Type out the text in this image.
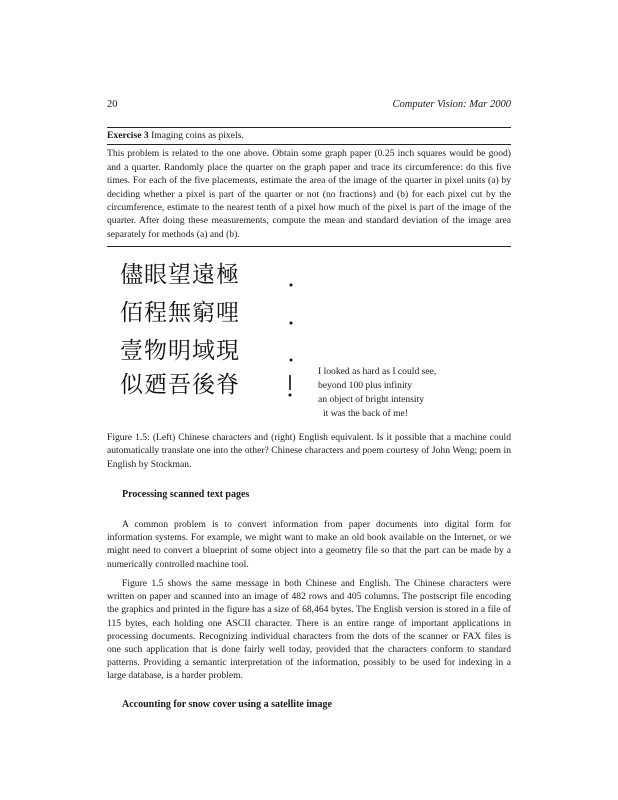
20	Computer Vision: Mar 2000
Exercise 3 Imaging coins as pixels.
This problem is related to the one above. Obtain some graph paper (0.25 inch squares would be good) and a quarter. Randomly place the quarter on the graph paper and trace its circumference: do this five times. For each of the five placements, estimate the area of the image of the quarter in pixel units (a) by deciding whether a pixel is part of the quarter or not (no fractions) and (b) for each pixel cut by the circumference, estimate to the nearest tenth of a pixel how much of the pixel is part of the image of the quarter. After doing these measurements, compute the mean and standard deviation of the image area separately for methods (a) and (b).
儘眼望遠極
佰程無窮哩
壹物明域現
似廼吾後脊
I looked as hard as I could see,
beyond 100 plus infinity
an object of bright intensity
it was the back of me!
Figure 1.5: (Left) Chinese characters and (right) English equivalent. Is it possible that a machine could automatically translate one into the other? Chinese characters and poem courtesy of John Weng; poem in English by Stockman.
Processing scanned text pages

A common problem is to convert information from paper documents into digital form for information systems. For example, we might want to make an old book available on the Internet, or we might need to convert a blueprint of some object into a geometry file so that the part can be made by a numerically controlled machine tool.

Figure 1.5 shows the same message in both Chinese and English. The Chinese characters were written on paper and scanned into an image of 482 rows and 405 columns. The postscript file encoding the graphics and printed in the figure has a size of 68,464 bytes. The English version is stored in a file of 115 bytes, each holding one ASCII character. There is an entire range of important applications in processing documents. Recognizing individual characters from the dots of the scanner or FAX files is one such application that is done fairly well today, provided that the characters conform to standard patterns. Providing a semantic interpretation of the information, possibly to be used for indexing in a large database, is a harder problem.

Accounting for snow cover using a satellite image
